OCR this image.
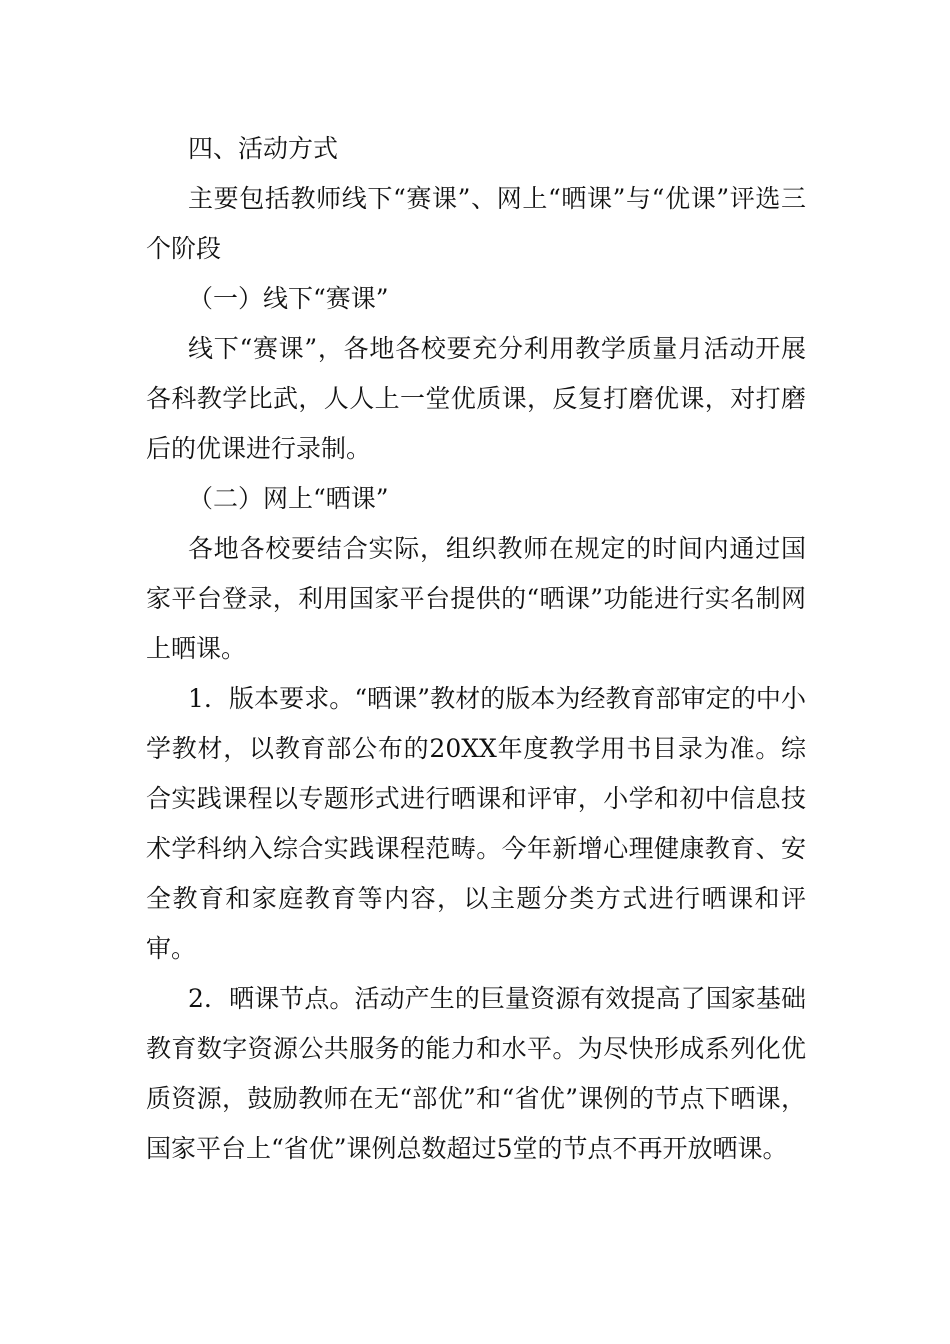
四、活动方式

主要包括教师线下“赛课”、网上“晒课”与“优课”评选三个阶段

（一）线下“赛课”

线下“赛课”，各地各校要充分利用教学质量月活动开展各科教学比武，人人上一堂优质课，反复打磨优课，对打磨后的优课进行录制。

（二）网上“晒课”

各地各校要结合实际，组织教师在规定的时间内通过国家平台登录，利用国家平台提供的“晒课”功能进行实名制网上晒课。

1．版本要求。“晒课”教材的版本为经教育部审定的中小学教材，以教育部公布的20XX年度教学用书目录为准。综合实践课程以专题形式进行晒课和评审，小学和初中信息技术学科纳入综合实践课程范畴。今年新增心理健康教育、安全教育和家庭教育等内容，以主题分类方式进行晒课和评审。

2．晒课节点。活动产生的巨量资源有效提高了国家基础教育数字资源公共服务的能力和水平。为尽快形成系列化优质资源，鼓励教师在无“部优”和“省优”课例的节点下晒课，国家平台上“省优”课例总数超过5堂的节点不再开放晒课。
